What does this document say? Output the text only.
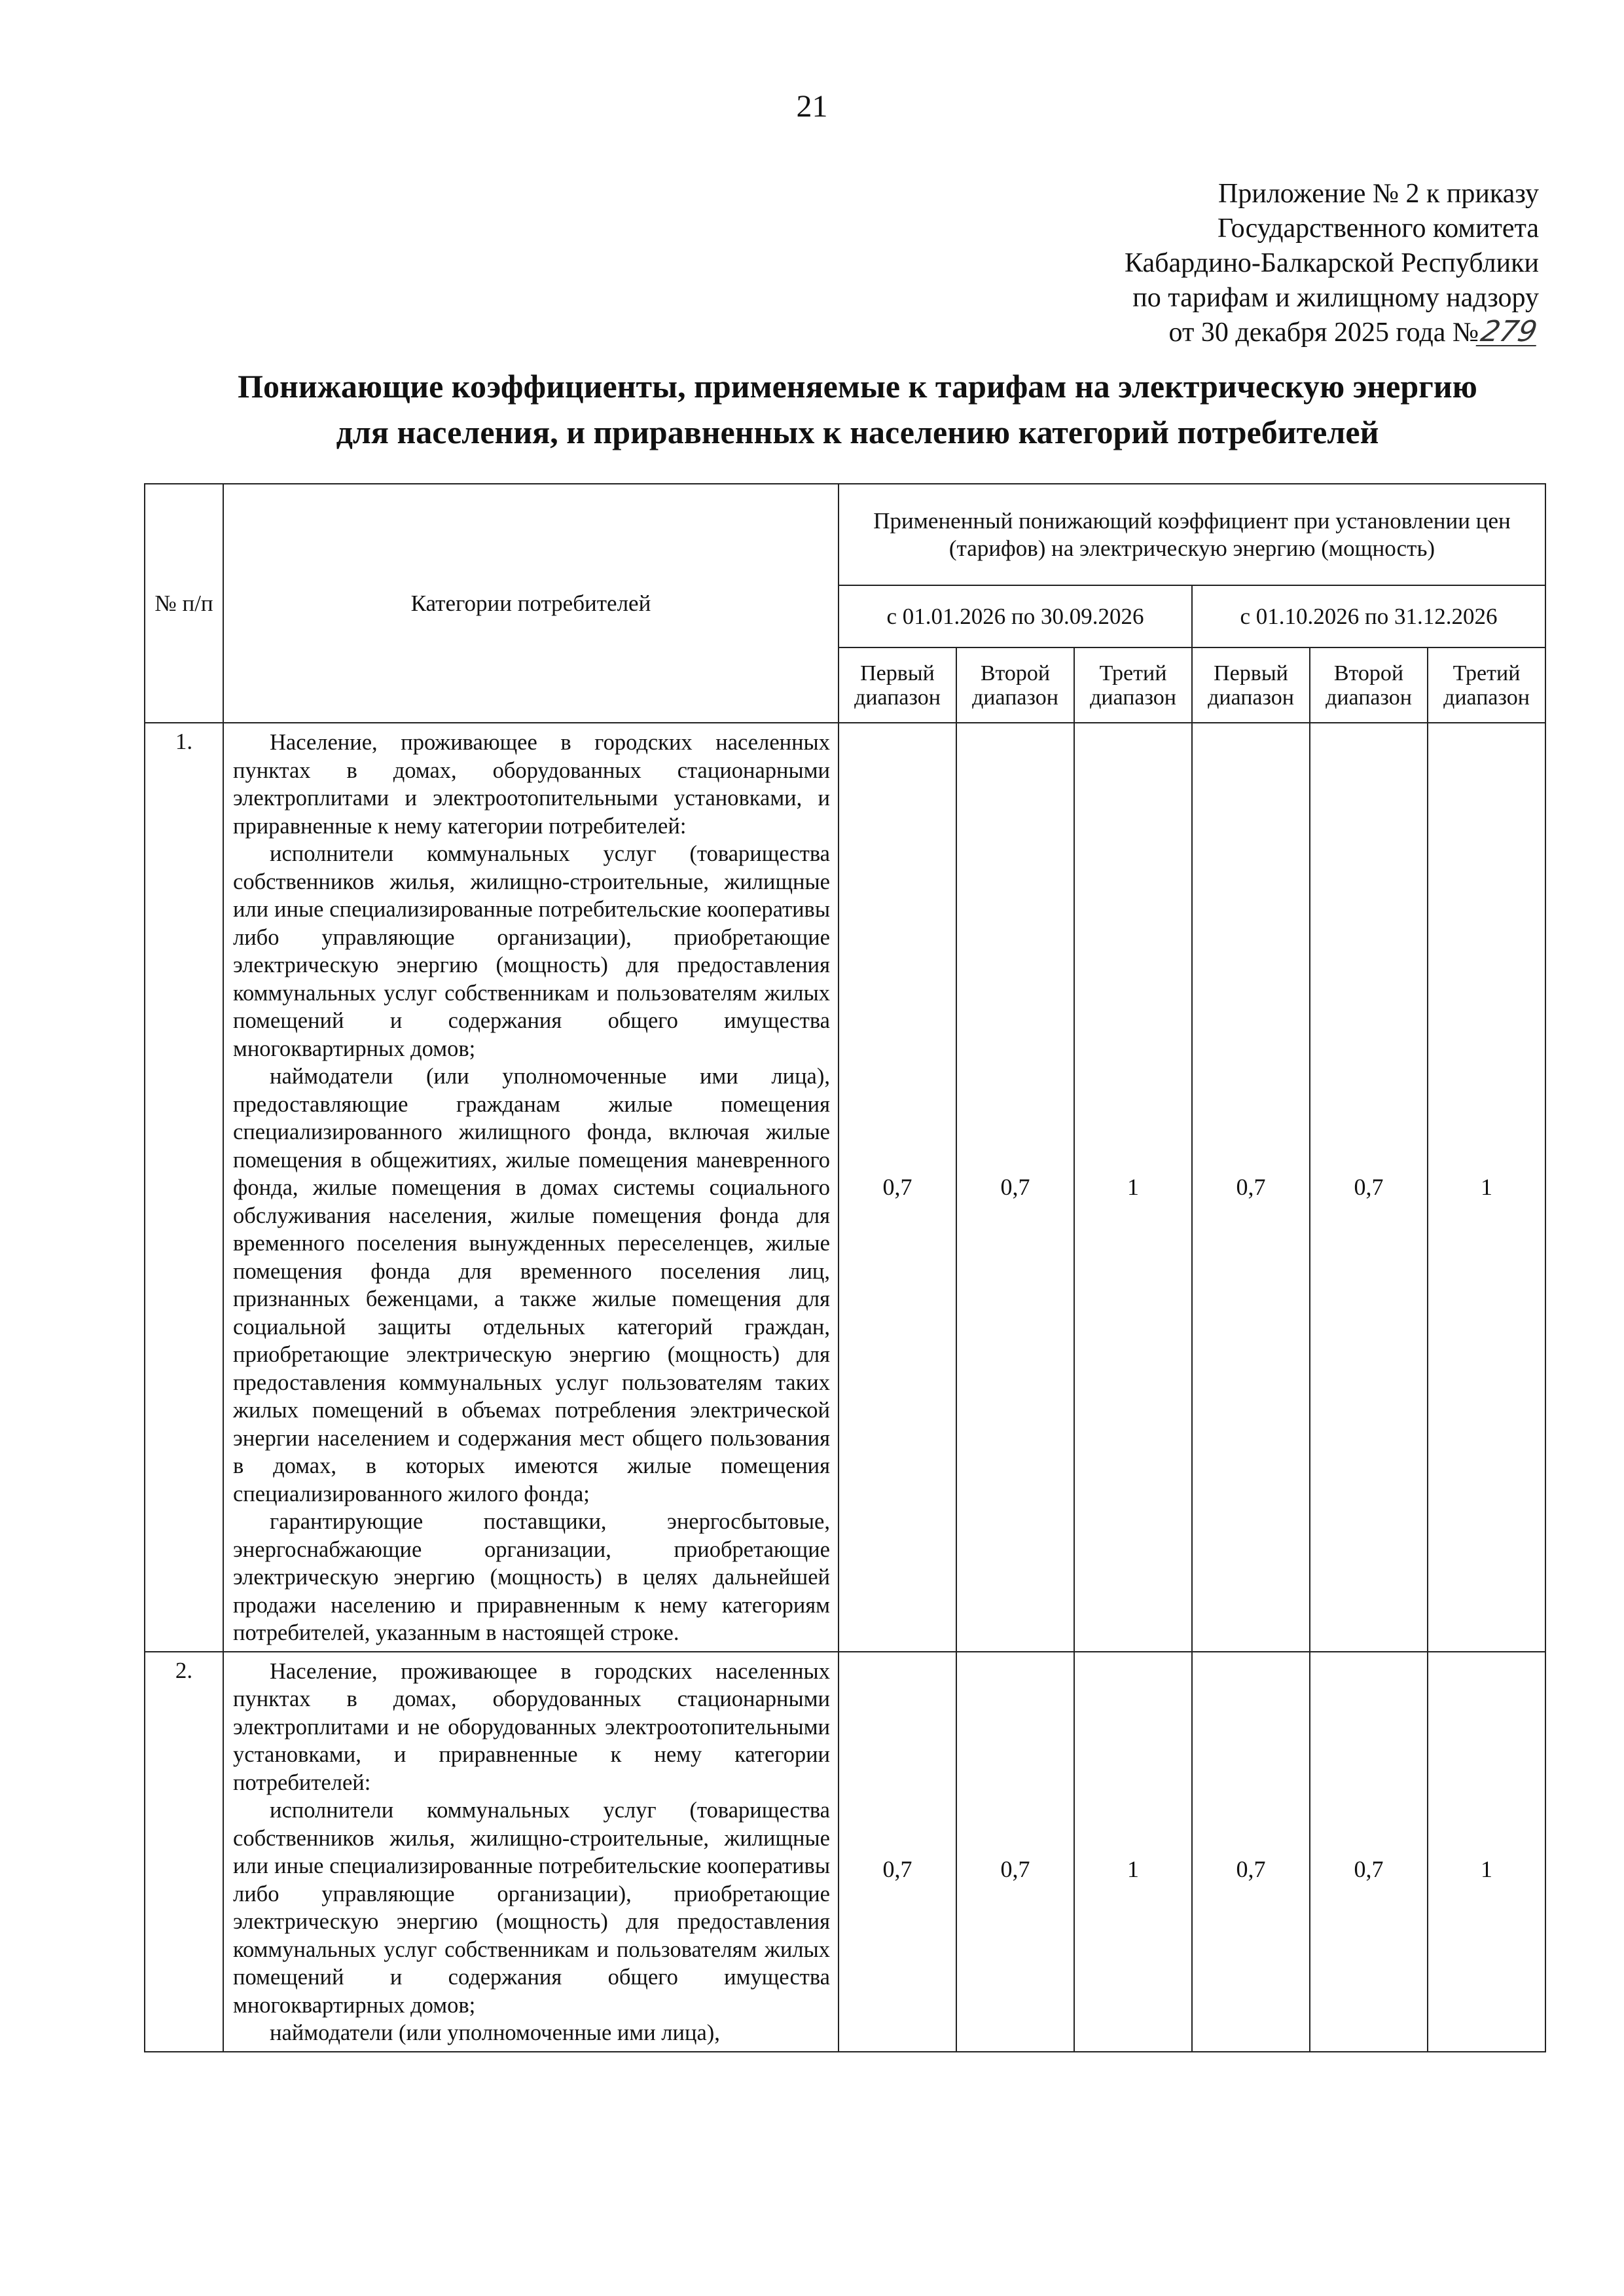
21
Приложение № 2 к приказу
Государственного комитета
Кабардино-Балкарской Республики
по тарифам и жилищному надзору
от 30 декабря 2025 года №279
Понижающие коэффициенты, применяемые к тарифам на электрическую энергию
для населения, и приравненных к населению категорий потребителей
№ п/п	Категории потребителей	Примененный понижающий коэффициент при установлении цен (тарифов) на электрическую энергию (мощность)					
		с 01.01.2026 по 30.09.2026			с 01.10.2026 по 31.12.2026		
		Первый диапазон	Второй диапазон	Третий диапазон	Первый диапазон	Второй диапазон	Третий диапазон
1.	Население, проживающее в городских населенных пунктах в домах, оборудованных стационарными электроплитами и электроотопительными установками, и приравненные к нему категории потребителей:

исполнители коммунальных услуг (товарищества собственников жилья, жилищно-строительные, жилищные или иные специализированные потребительские кооперативы либо управляющие организации), приобретающие электрическую энергию (мощность) для предоставления коммунальных услуг собственникам и пользователям жилых помещений и содержания общего имущества многоквартирных домов;

наймодатели (или уполномоченные ими лица), предоставляющие гражданам жилые помещения специализированного жилищного фонда, включая жилые помещения в общежитиях, жилые помещения маневренного фонда, жилые помещения в домах системы социального обслуживания населения, жилые помещения фонда для временного поселения вынужденных переселенцев, жилые помещения фонда для временного поселения лиц, признанных беженцами, а также жилые помещения для социальной защиты отдельных категорий граждан, приобретающие электрическую энергию (мощность) для предоставления коммунальных услуг пользователям таких жилых помещений в объемах потребления электрической энергии населением и содержания мест общего пользования в домах, в которых имеются жилые помещения специализированного жилого фонда;

гарантирующие поставщики, энергосбытовые, энергоснабжающие организации, приобретающие электрическую энергию (мощность) в целях дальнейшей продажи населению и приравненным к нему категориям потребителей, указанным в настоящей строке.	0,7	0,7	1	0,7	0,7	1
2.	Население, проживающее в городских населенных пунктах в домах, оборудованных стационарными электроплитами и не оборудованных электроотопительными установками, и приравненные к нему категории потребителей:

исполнители коммунальных услуг (товарищества собственников жилья, жилищно-строительные, жилищные или иные специализированные потребительские кооперативы либо управляющие организации), приобретающие электрическую энергию (мощность) для предоставления коммунальных услуг собственникам и пользователям жилых помещений и содержания общего имущества многоквартирных домов;

наймодатели (или уполномоченные ими лица),	0,7	0,7	1	0,7	0,7	1
